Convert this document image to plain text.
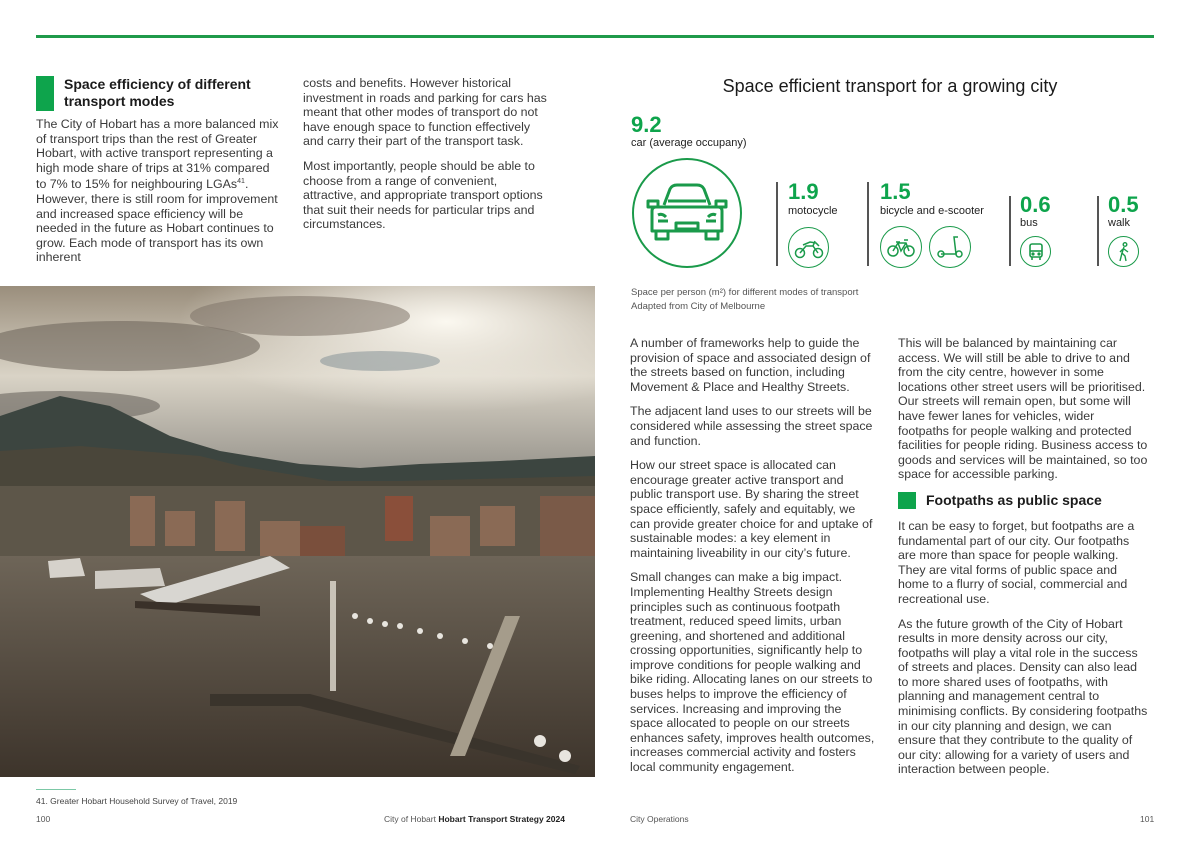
Space efficiency of different transport modes

The City of Hobart has a more balanced mix of transport trips than the rest of Greater Hobart, with active transport representing a high mode share of trips at 31% compared to 7% to 15% for neighbouring LGAs$^{41}$. However, there is still room for improvement and increased space efficiency will be needed in the future as Hobart continues to grow. Each mode of transport has its own inherent

costs and benefits. However historical investment in roads and parking for cars has meant that other modes of transport do not have enough space to function effectively and carry their part of the transport task.

Most importantly, people should be able to choose from a range of convenient, attractive, and appropriate transport options that suit their needs for particular trips and circumstances.

Space efficient transport for a growing city
9.2
car (average occupany)
1.9
motocycle
1.5
bicycle and e-scooter 0.6
bus
0.5
walk
Space per person (m²) for different modes of transport
Adapted from City of Melbourne

A number of frameworks help to guide the provision of space and associated design of the streets based on function, including Movement & Place and Healthy Streets.

The adjacent land uses to our streets will be considered while assessing the street space and function.

How our street space is allocated can encourage greater active transport and public transport use. By sharing the street space efficiently, safely and equitably, we can provide greater choice for and uptake of sustainable modes: a key element in maintaining liveability in our city’s future.

Small changes can make a big impact. Implementing Healthy Streets design principles such as continuous footpath treatment, reduced speed limits, urban greening, and shortened and additional crossing opportunities, significantly help to improve conditions for people walking and bike riding. Allocating lanes on our streets to buses helps to improve the efficiency of services. Increasing and improving the space allocated to people on our streets enhances safety, improves health outcomes, increases commercial activity and fosters local community engagement.

This will be balanced by maintaining car access. We will still be able to drive to and from the city centre, however in some locations other street users will be prioritised. Our streets will remain open, but some will have fewer lanes for vehicles, wider footpaths for people walking and protected facilities for people riding. Business access to goods and services will be maintained, so too space for accessible parking.

Footpaths as public space

It can be easy to forget, but footpaths are a fundamental part of our city. Our footpaths are more than space for people walking. They are vital forms of public space and home to a flurry of social, commercial and recreational use.

As the future growth of the City of Hobart results in more density across our city, footpaths will play a vital role in the success of streets and places. Density can also lead to more shared uses of footpaths, with planning and management central to minimising conflicts. By considering footpaths in our city planning and design, we can ensure that they contribute to the quality of our city: allowing for a variety of users and interaction between people.

41. Greater Hobart Household Survey of Travel, 2019
100	City of Hobart Hobart Transport Strategy 2024	City Operations	101
